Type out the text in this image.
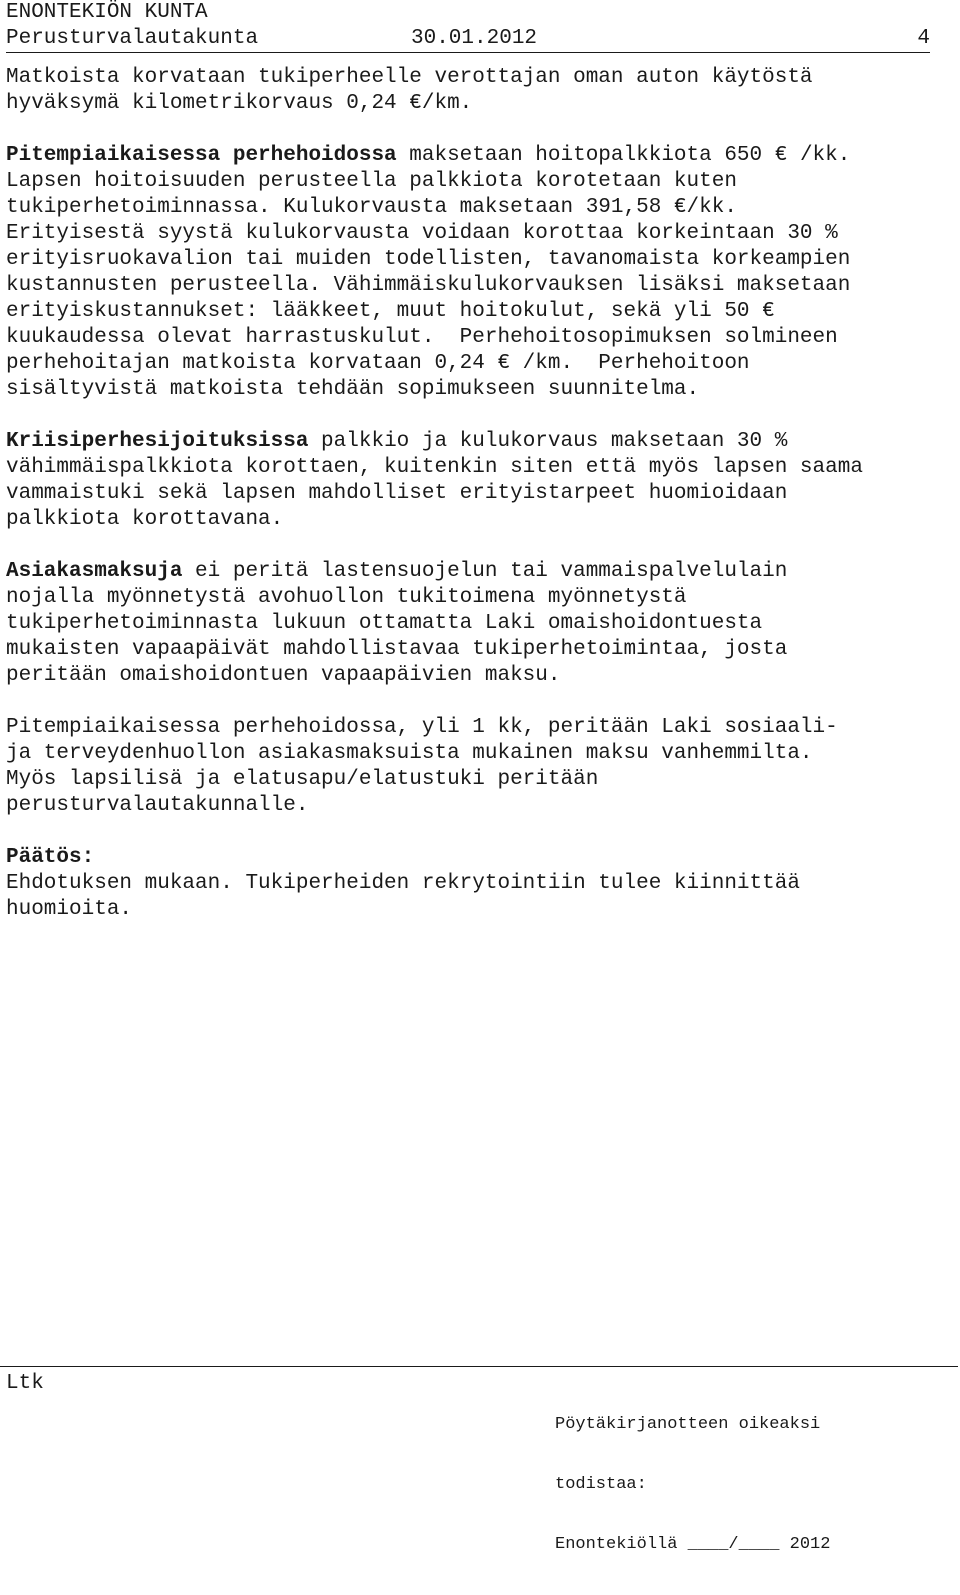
ENONTEKIÖN KUNTA
Perusturvalautakunta	30.01.2012	4
Matkoista korvataan tukiperheelle verottajan oman auton käytöstä
hyväksymä kilometrikorvaus 0,24 €/km.
Pitempiaikaisessa perhehoidossa maksetaan hoitopalkkiota 650 € /kk.
Lapsen hoitoisuuden perusteella palkkiota korotetaan kuten
tukiperhetoiminnassa. Kulukorvausta maksetaan 391,58 €/kk.
Erityisestä syystä kulukorvausta voidaan korottaa korkeintaan 30 %
erityisruokavalion tai muiden todellisten, tavanomaista korkeampien
kustannusten perusteella. Vähimmäiskulukorvauksen lisäksi maksetaan
erityiskustannukset: lääkkeet, muut hoitokulut, sekä yli 50 €
kuukaudessa olevat harrastuskulut.  Perhehoitosopimuksen solmineen
perhehoitajan matkoista korvataan 0,24 € /km.  Perhehoitoon
sisältyvistä matkoista tehdään sopimukseen suunnitelma.
Kriisiperhesijoituksissa palkkio ja kulukorvaus maksetaan 30 %
vähimmäispalkkiota korottaen, kuitenkin siten että myös lapsen saama
vammaistuki sekä lapsen mahdolliset erityistarpeet huomioidaan
palkkiota korottavana.
Asiakasmaksuja ei peritä lastensuojelun tai vammaispalvelulain
nojalla myönnetystä avohuollon tukitoimena myönnetystä
tukiperhetoiminnasta lukuun ottamatta Laki omaishoidontuesta
mukaisten vapaapäivät mahdollistavaa tukiperhetoimintaa, josta
peritään omaishoidontuen vapaapäivien maksu.
Pitempiaikaisessa perhehoidossa, yli 1 kk, peritään Laki sosiaali-
ja terveydenhuollon asiakasmaksuista mukainen maksu vanhemmilta.
Myös lapsilisä ja elatusapu/elatustuki peritään
perusturvalautakunnalle.
Päätös:
Ehdotuksen mukaan. Tukiperheiden rekrytointiin tulee kiinnittää
huomioita.
Ltk

Pöytäkirjanotteen oikeaksi

todistaa:

Enontekiöllä ____/____ 2012
